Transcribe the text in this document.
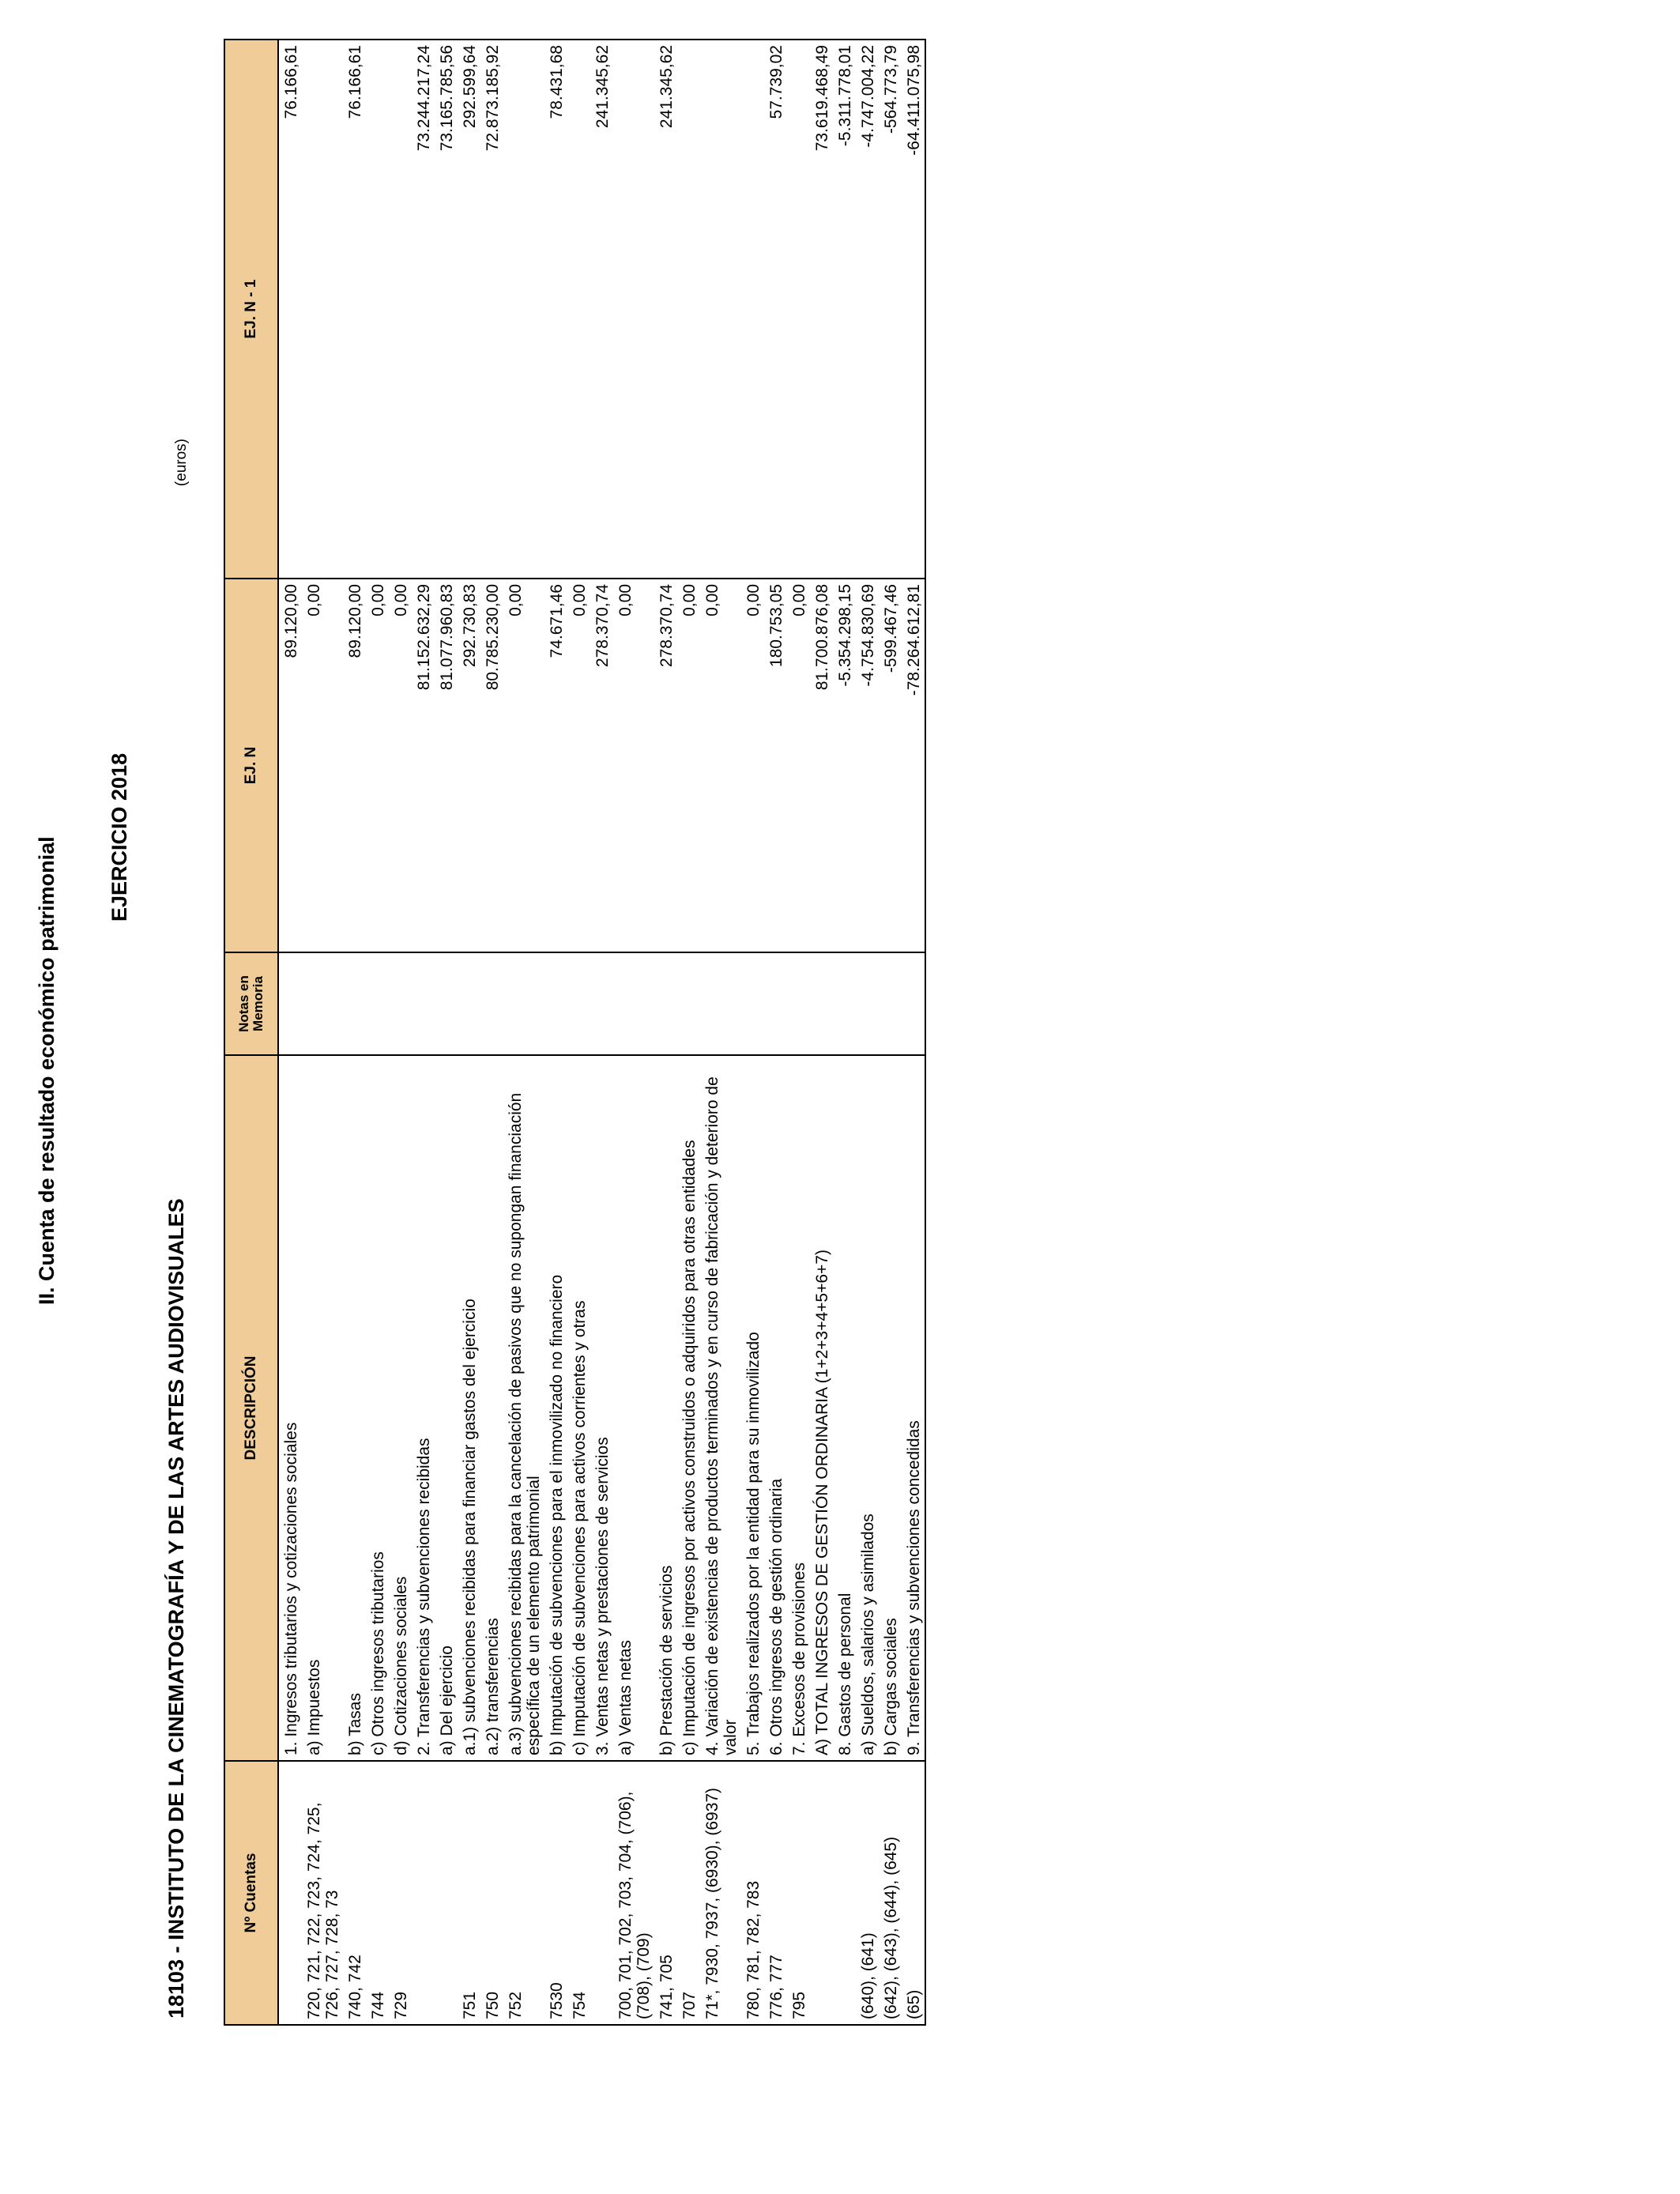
II. Cuenta de resultado económico patrimonial EJERCICIO 2018
18103 - INSTITUTO DE LA CINEMATOGRAFÍA Y DE LAS ARTES AUDIOVISUALES
(euros)
Nº Cuentas	DESCRIPCIÓN	Notas en Memoria	EJ. N	EJ. N - 1
	1. Ingresos tributarios y cotizaciones sociales		89.120,00	76.166,61
720, 721, 722, 723, 724, 725, 726, 727, 728, 73	a) Impuestos		0,00	
740, 742	b) Tasas		89.120,00	76.166,61
744	c) Otros ingresos tributarios		0,00	
729	d) Cotizaciones sociales		0,00	
	2. Transferencias y subvenciones recibidas		81.152.632,29	73.244.217,24
	a) Del ejercicio		81.077.960,83	73.165.785,56
751	a.1) subvenciones recibidas para financiar gastos del ejercicio		292.730,83	292.599,64
750	a.2) transferencias		80.785.230,00	72.873.185,92
752	a.3) subvenciones recibidas para la cancelación de pasivos que no supongan financiación específica de un elemento patrimonial		0,00	
7530	b) Imputación de subvenciones para el inmovilizado no financiero		74.671,46	78.431,68
754	c) Imputación de subvenciones para activos corrientes y otras		0,00	
	3. Ventas netas y prestaciones de servicios		278.370,74	241.345,62
700, 701, 702, 703, 704, (706), (708), (709)	a) Ventas netas		0,00	
741, 705	b) Prestación de servicios		278.370,74	241.345,62
707	c) Imputación de ingresos por activos construidos o adquiridos para otras entidades		0,00	
71*, 7930, 7937, (6930), (6937)	4. Variación de existencias de productos terminados y en curso de fabricación y deterioro de valor		0,00	
780, 781, 782, 783	5. Trabajos realizados por la entidad para su inmovilizado		0,00	
776, 777	6. Otros ingresos de gestión ordinaria		180.753,05	57.739,02
795	7. Excesos de provisiones		0,00	
	A) TOTAL INGRESOS DE GESTIÓN ORDINARIA (1+2+3+4+5+6+7)		81.700.876,08	73.619.468,49
	8. Gastos de personal		-5.354.298,15	-5.311.778,01
(640), (641)	a) Sueldos, salarios y asimilados		-4.754.830,69	-4.747.004,22
(642), (643), (644), (645)	b) Cargas sociales		-599.467,46	-564.773,79
(65)	9. Transferencias y subvenciones concedidas		-78.264.612,81	-64.411.075,98
